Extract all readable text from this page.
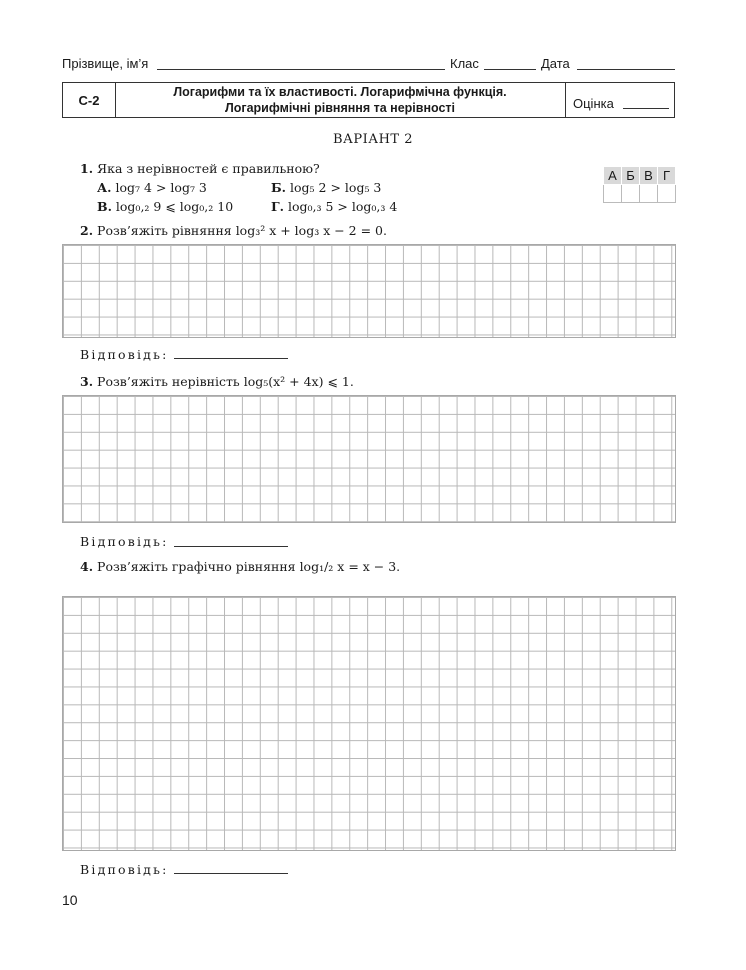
Прізвище, ім’я	Клас	Дата
С-2
Логарифми та їх властивості. Логарифмічна функція.
Логарифмічні рівняння та нерівності	Оцінка
ВАРІАНТ 2
А	Б	В	Г

1. Яка з нерівностей є правильною?
А. log₇ 4 > log₇ 3	Б. log₅ 2 > log₅ 3
В. log₀,₂ 9 ⩽ log₀,₂ 10	Г. log₀,₃ 5 > log₀,₃ 4
2. Розв’яжіть рівняння log₃² x + log₃ x − 2 = 0.
Відповідь:
3. Розв’яжіть нерівність log₅(x² + 4x) ⩽ 1.
Відповідь:
4. Розв’яжіть графічно рівняння log₁/₂ x = x − 3.
Відповідь:
10
